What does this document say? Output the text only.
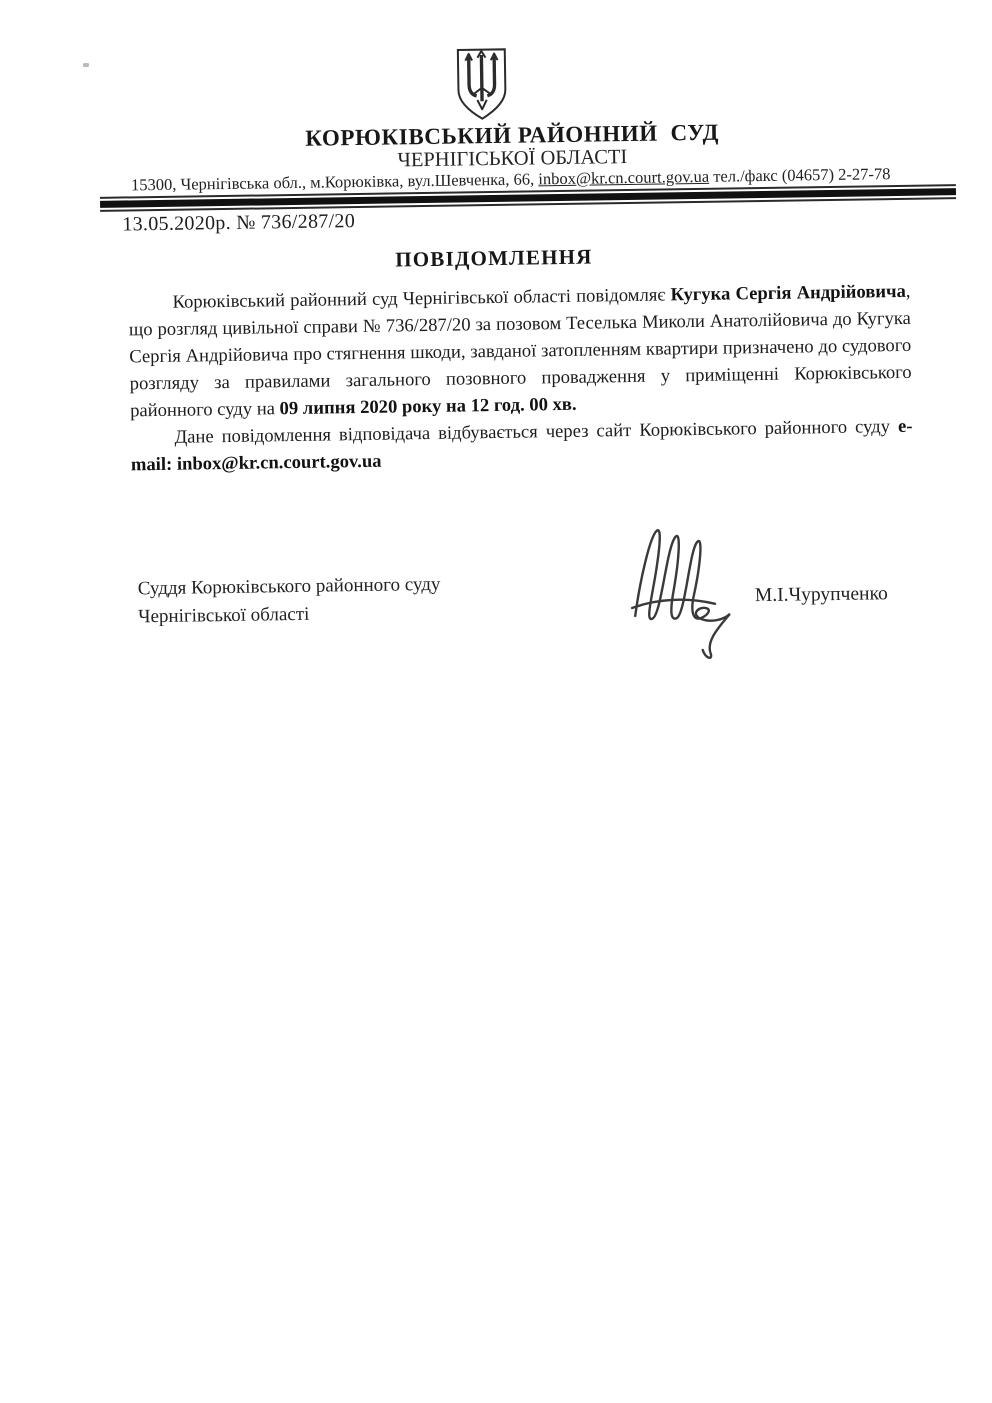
КОРЮКІВСЬКИЙ РАЙОННИЙ  СУД
ЧЕРНІГІСЬКОЇ ОБЛАСТІ
15300, Чернігівська обл., м.Корюківка, вул.Шевченка, 66, inbox@kr.cn.court.gov.ua тел./факс (04657) 2-27-78
13.05.2020р. № 736/287/20
ПОВІДОМЛЕННЯ

Корюківський районний суд Чернігівської області повідомляє Кугука Сергія Андрійовича, що розгляд цивільної справи № 736/287/20 за позовом Теселька Миколи Анатолійовича до Кугука Сергія Андрійовича про стягнення шкоди, завданої затопленням квартири призначено до судового розгляду за правилами загального позовного провадження у приміщенні Корюківського районного суду на 09 липня 2020 року на 12 год. 00 хв.

Дане повідомлення відповідача відбувається через сайт Корюківського районного суду e-mail: inbox@kr.cn.court.gov.ua

Суддя Корюківського районного суду
Чернігівської області
М.І.Чурупченко
